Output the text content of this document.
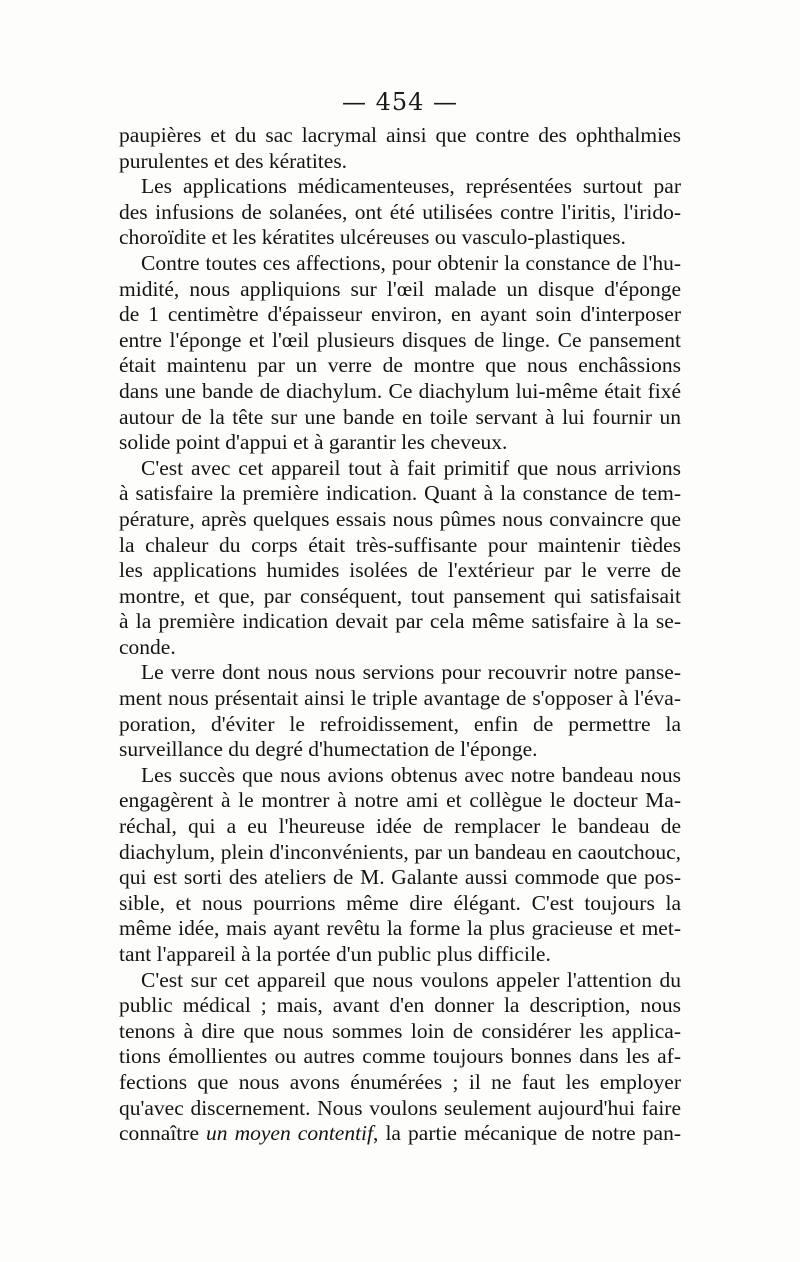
— 454 —
paupières et du sac lacrymal ainsi que contre des ophthalmies
purulentes et des kératites.
Les applications médicamenteuses, représentées surtout par
des infusions de solanées, ont été utilisées contre l'iritis, l'irido-
choroïdite et les kératites ulcéreuses ou vasculo-plastiques.
Contre toutes ces affections, pour obtenir la constance de l'hu-
midité, nous appliquions sur l'œil malade un disque d'éponge
de 1 centimètre d'épaisseur environ, en ayant soin d'interposer
entre l'éponge et l'œil plusieurs disques de linge. Ce pansement
était maintenu par un verre de montre que nous enchâssions
dans une bande de diachylum. Ce diachylum lui-même était fixé
autour de la tête sur une bande en toile servant à lui fournir un
solide point d'appui et à garantir les cheveux.
C'est avec cet appareil tout à fait primitif que nous arrivions
à satisfaire la première indication. Quant à la constance de tem-
pérature, après quelques essais nous pûmes nous convaincre que
la chaleur du corps était très-suffisante pour maintenir tièdes
les applications humides isolées de l'extérieur par le verre de
montre, et que, par conséquent, tout pansement qui satisfaisait
à la première indication devait par cela même satisfaire à la se-
conde.
Le verre dont nous nous servions pour recouvrir notre panse-
ment nous présentait ainsi le triple avantage de s'opposer à l'éva-
poration, d'éviter le refroidissement, enfin de permettre la
surveillance du degré d'humectation de l'éponge.
Les succès que nous avions obtenus avec notre bandeau nous
engagèrent à le montrer à notre ami et collègue le docteur Ma-
réchal, qui a eu l'heureuse idée de remplacer le bandeau de
diachylum, plein d'inconvénients, par un bandeau en caoutchouc,
qui est sorti des ateliers de M. Galante aussi commode que pos-
sible, et nous pourrions même dire élégant. C'est toujours la
même idée, mais ayant revêtu la forme la plus gracieuse et met-
tant l'appareil à la portée d'un public plus difficile.
C'est sur cet appareil que nous voulons appeler l'attention du
public médical ; mais, avant d'en donner la description, nous
tenons à dire que nous sommes loin de considérer les applica-
tions émollientes ou autres comme toujours bonnes dans les af-
fections que nous avons énumérées ; il ne faut les employer
qu'avec discernement. Nous voulons seulement aujourd'hui faire
connaître un moyen contentif, la partie mécanique de notre pan-
